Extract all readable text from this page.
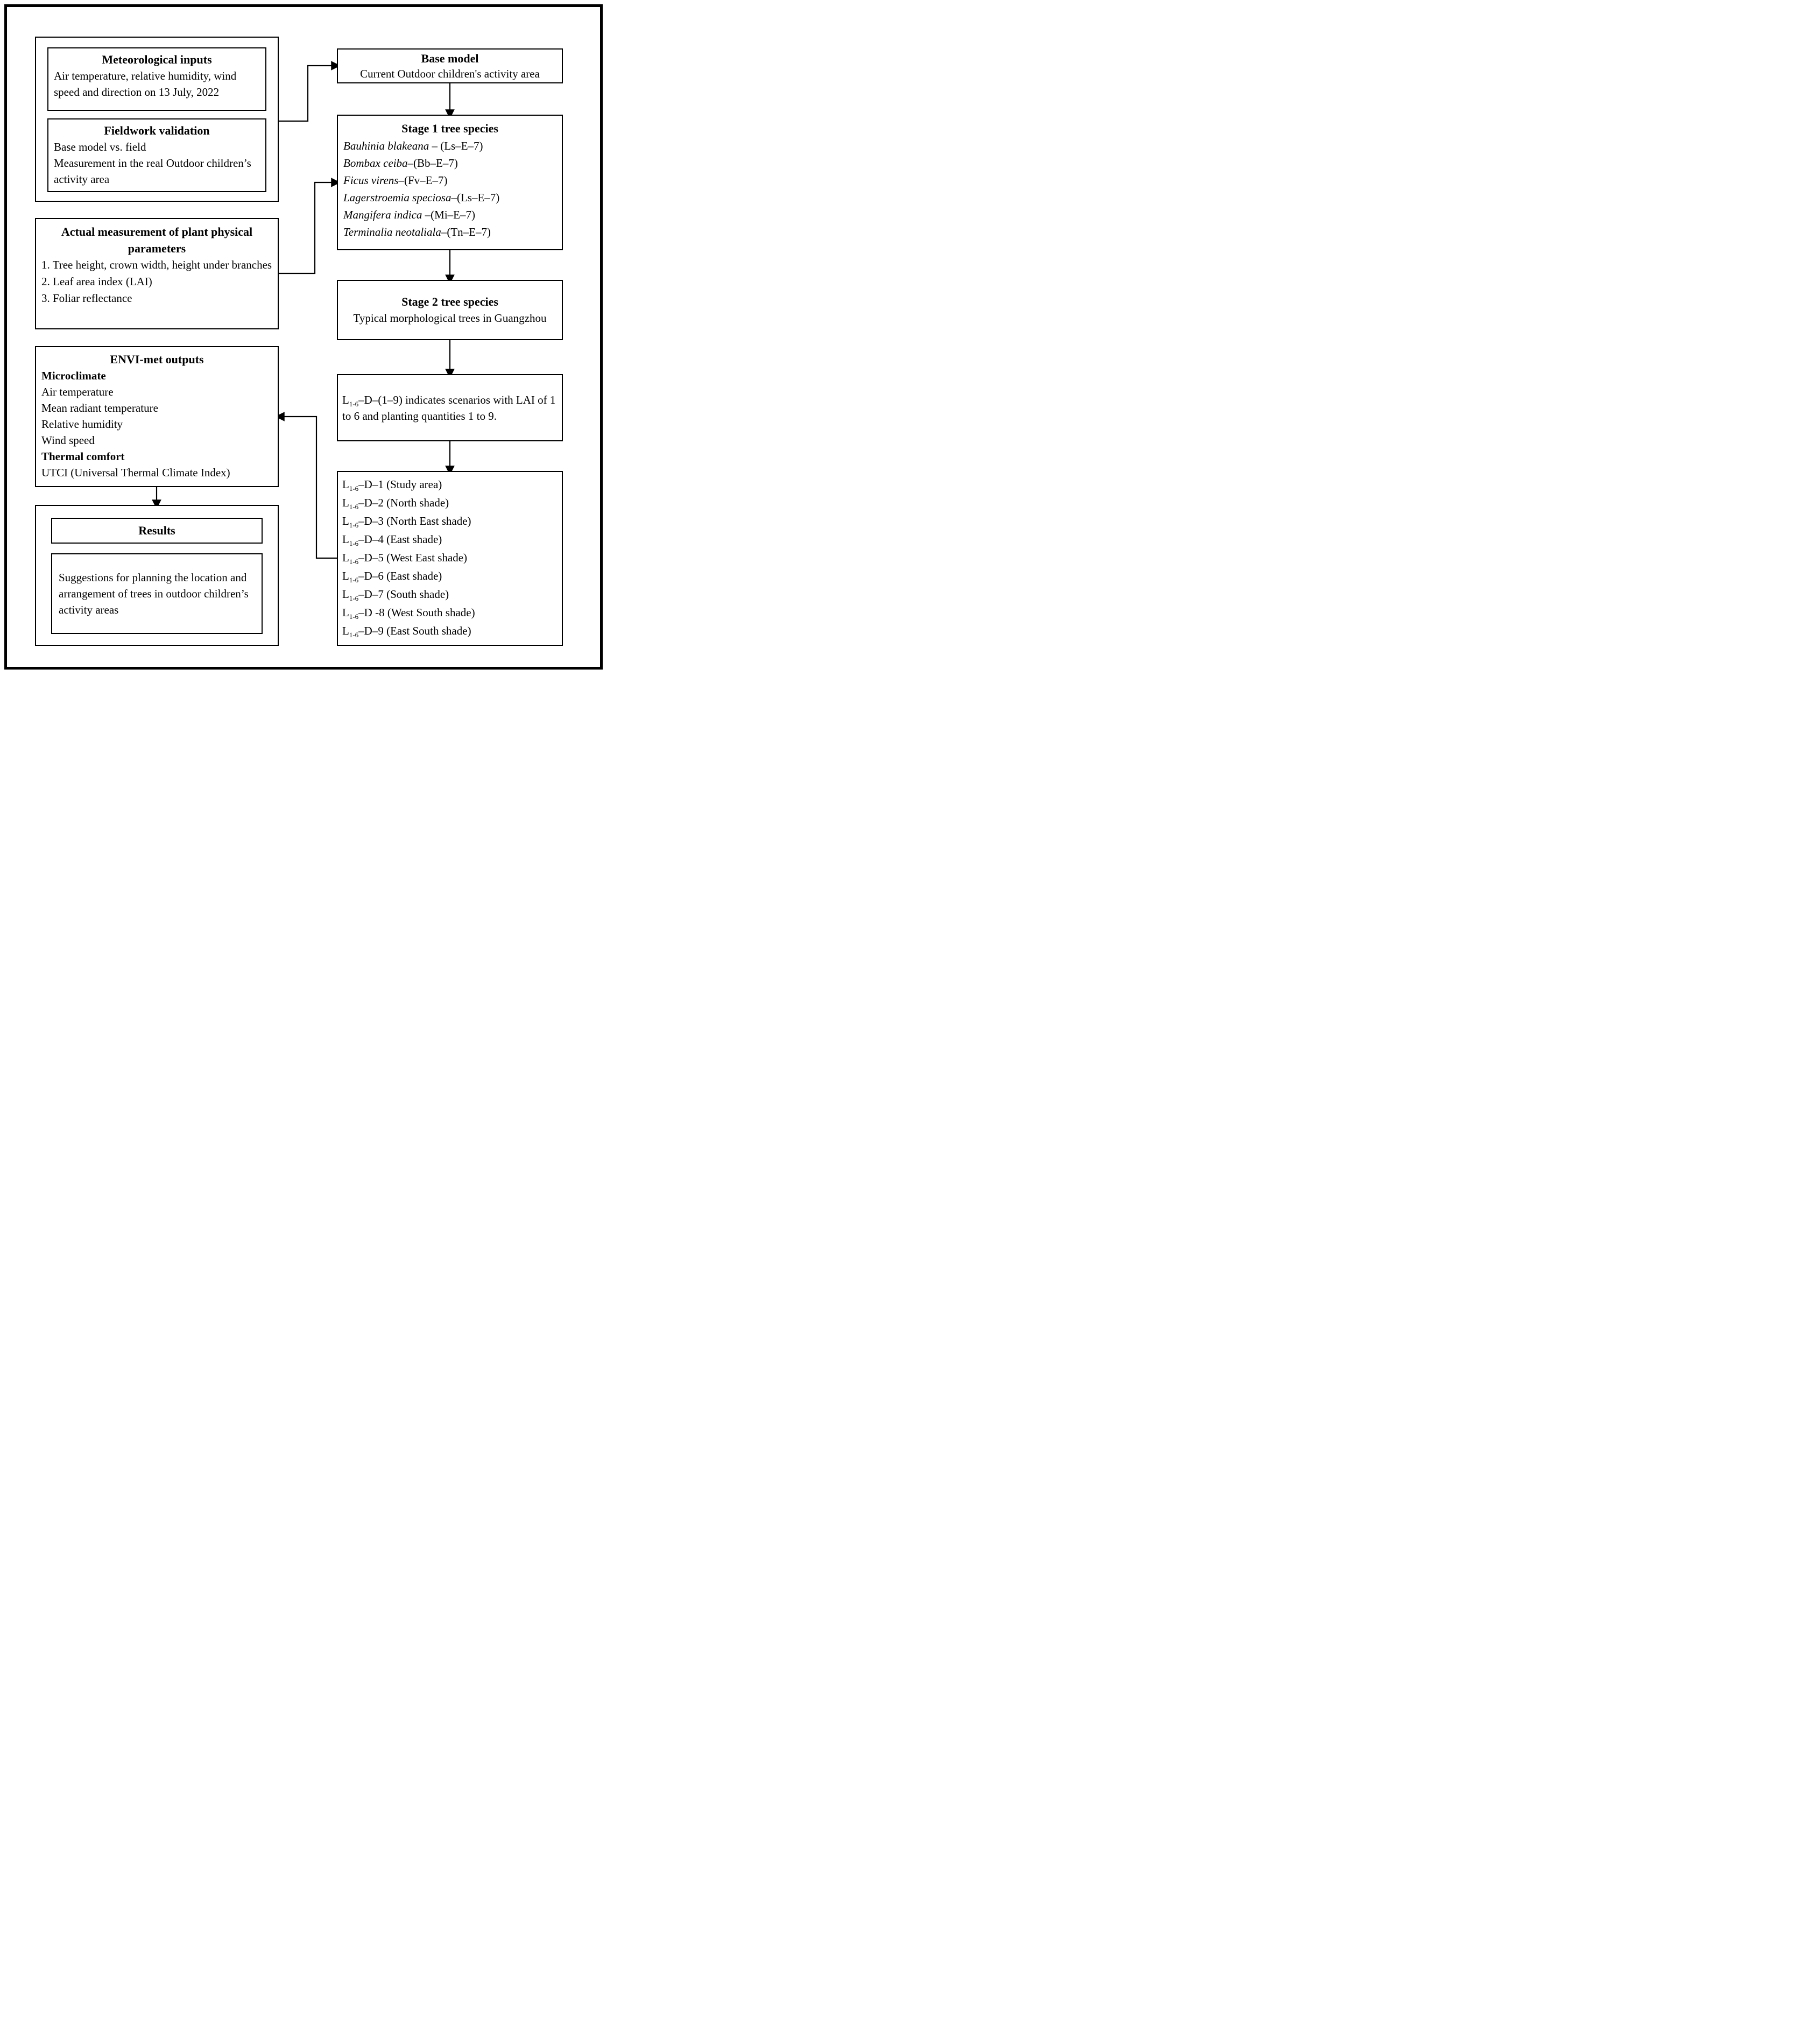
Meteorological inputs
Air temperature, relative humidity, wind speed and direction on 13 July, 2022
Fieldwork validation
Base model vs. field
Measurement in the real Outdoor children’s activity area
Actual measurement of plant physical parameters
1. Tree height, crown width, height under branches
2. Leaf area index (LAI)
3. Foliar reflectance
ENVI-met outputs
Microclimate
Air temperature
Mean radiant temperature
Relative humidity
Wind speed
Thermal comfort
UTCI (Universal Thermal Climate Index)
Results
Suggestions for planning the location and arrangement of trees in outdoor children’s activity areas
Base model
Current Outdoor children's activity area
Stage 1 tree species
Bauhinia blakeana – (Ls–E–7)
Bombax ceiba–(Bb–E–7)
Ficus virens–(Fv–E–7)
Lagerstroemia speciosa–(Ls–E–7)
Mangifera indica –(Mi–E–7)
Terminalia neotaliala–(Tn–E–7)
Stage 2 tree species
Typical morphological trees in Guangzhou
$L_{1-6}-D-(1-9)$ indicates scenarios with LAI of 1 to 6 and planting quantities 1 to 9.
$L_{1-6}-D-1$ (Study area)
$L_{1-6}-D-2$ (North shade)
$L_{1-6}-D-3$ (North East shade)
$L_{1-6}-D-4$ (East shade)
$L_{1-6}-D-5$ (West East shade)
$L_{1-6}-D-6$ (East shade)
$L_{1-6}-D-7$ (South shade)
$L_{1-6}-D$ -8 (West South shade)
$L_{1-6}-D-9$ (East South shade)
